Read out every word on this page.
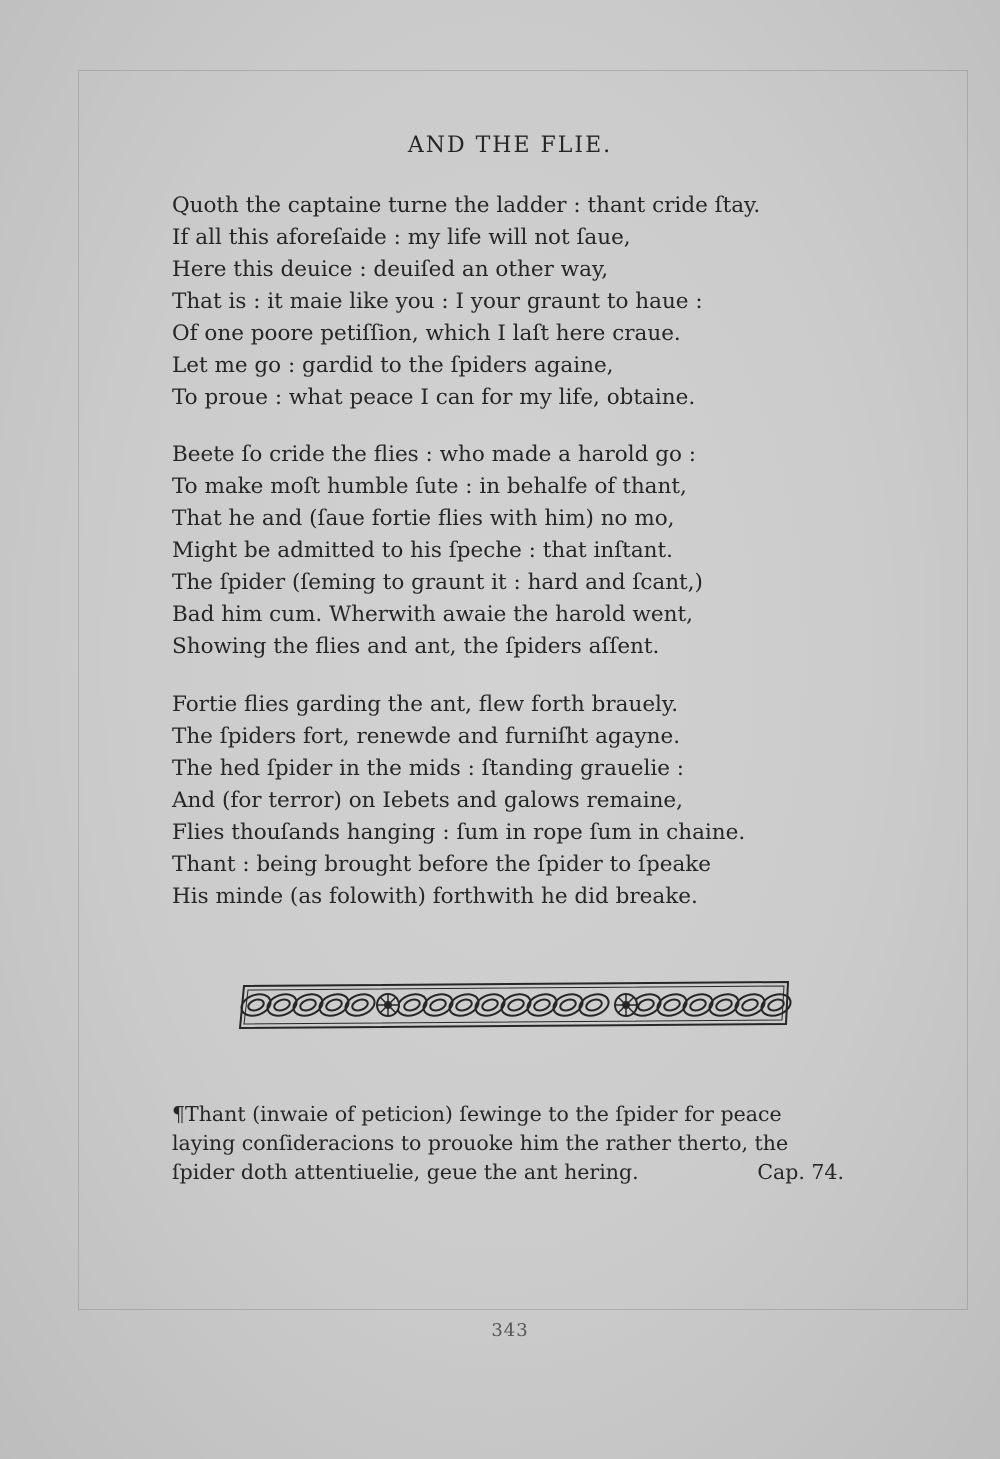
AND THE FLIE.
Quoth the captaine turne the ladder : thant cride ſtay.
If all this aforeſaide : my life will not ſaue,
Here this deuice : deuiſed an other way,
That is : it maie like you : I your graunt to haue :
Of one poore petiſſion, which I laſt here craue.
Let me go : gardid to the ſpiders againe,
To proue : what peace I can for my life, obtaine.
Beete ſo cride the flies : who made a harold go :
To make moſt humble ſute : in behalfe of thant,
That he and (ſaue fortie flies with him) no mo,
Might be admitted to his ſpeche : that inſtant.
The ſpider (ſeming to graunt it : hard and ſcant,)
Bad him cum. Wherwith awaie the harold went,
Showing the flies and ant, the ſpiders aſſent.
Fortie flies garding the ant, flew forth brauely.
The ſpiders fort, renewde and furniſht agayne.
The hed ſpider in the mids : ſtanding grauelie :
And (for terror) on Iebets and galows remaine,
Flies thouſands hanging : ſum in rope ſum in chaine.
Thant : being brought before the ſpider to ſpeake
His minde (as folowith) forthwith he did breake.
¶Thant (inwaie of peticion) ſewinge to the ſpider for peace
laying conſideracions to prouoke him the rather therto, the
ſpider doth attentiuelie, geue the ant hering.	Cap. 74.
343
